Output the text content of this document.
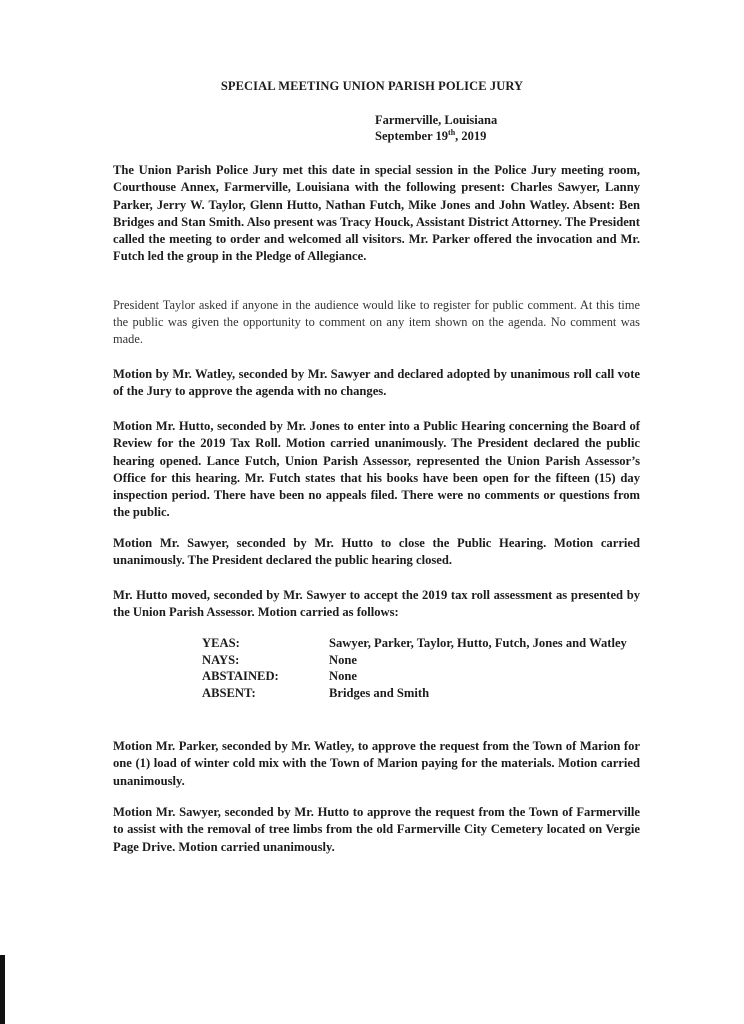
SPECIAL MEETING UNION PARISH POLICE JURY
Farmerville, Louisiana
September 19th, 2019

The Union Parish Police Jury met this date in special session in the Police Jury meeting room, Courthouse Annex, Farmerville, Louisiana with the following present: Charles Sawyer, Lanny Parker, Jerry W. Taylor, Glenn Hutto, Nathan Futch, Mike Jones and John Watley. Absent: Ben Bridges and Stan Smith. Also present was Tracy Houck, Assistant District Attorney. The President called the meeting to order and welcomed all visitors. Mr. Parker offered the invocation and Mr. Futch led the group in the Pledge of Allegiance.

President Taylor asked if anyone in the audience would like to register for public comment. At this time the public was given the opportunity to comment on any item shown on the agenda. No comment was made.

Motion by Mr. Watley, seconded by Mr. Sawyer and declared adopted by unanimous roll call vote of the Jury to approve the agenda with no changes.

Motion Mr. Hutto, seconded by Mr. Jones to enter into a Public Hearing concerning the Board of Review for the 2019 Tax Roll. Motion carried unanimously. The President declared the public hearing opened. Lance Futch, Union Parish Assessor, represented the Union Parish Assessor’s Office for this hearing. Mr. Futch states that his books have been open for the fifteen (15) day inspection period. There have been no appeals filed. There were no comments or questions from the public.

Motion Mr. Sawyer, seconded by Mr. Hutto to close the Public Hearing. Motion carried unanimously. The President declared the public hearing closed.

Mr. Hutto moved, seconded by Mr. Sawyer to accept the 2019 tax roll assessment as presented by the Union Parish Assessor. Motion carried as follows:

YEAS:	Sawyer, Parker, Taylor, Hutto, Futch, Jones and Watley
NAYS:	None
ABSTAINED:	None
ABSENT:	Bridges and Smith

Motion Mr. Parker, seconded by Mr. Watley, to approve the request from the Town of Marion for one (1) load of winter cold mix with the Town of Marion paying for the materials. Motion carried unanimously.

Motion Mr. Sawyer, seconded by Mr. Hutto to approve the request from the Town of Farmerville to assist with the removal of tree limbs from the old Farmerville City Cemetery located on Vergie Page Drive. Motion carried unanimously.
